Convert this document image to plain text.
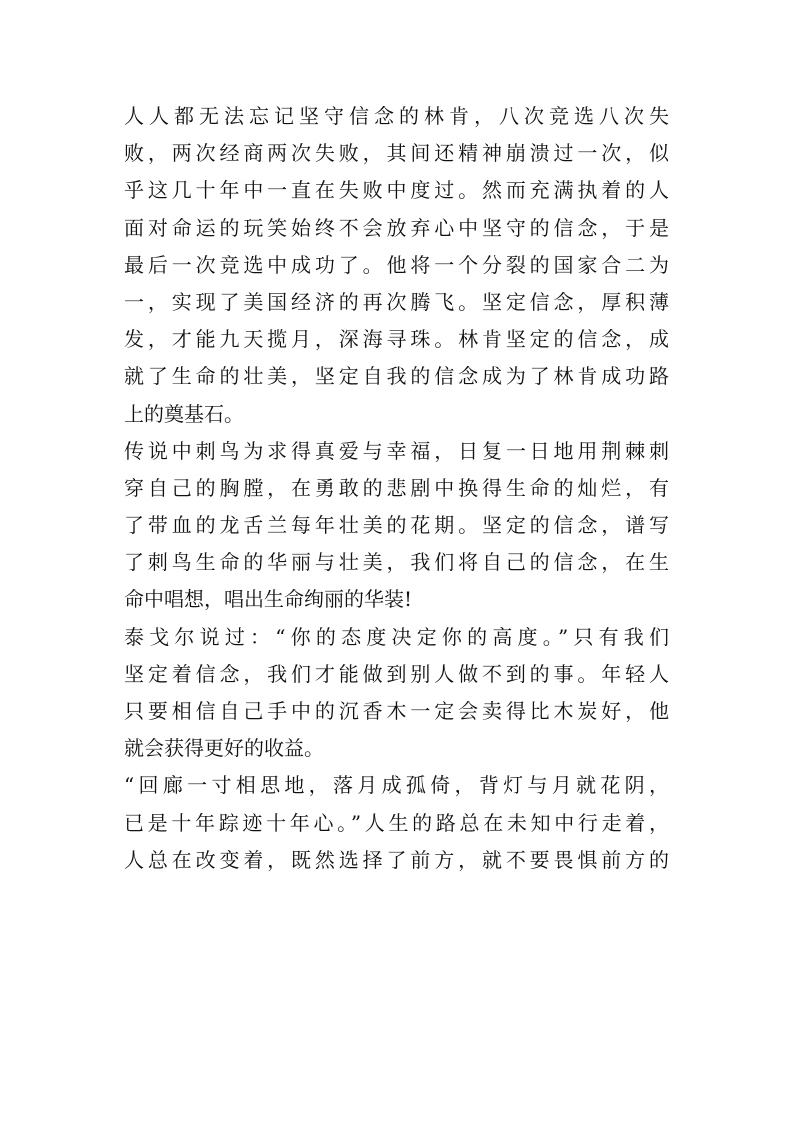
人人都无法忘记坚守信念的林肯，八次竞选八次失
败，两次经商两次失败，其间还精神崩溃过一次，似
乎这几十年中一直在失败中度过。然而充满执着的人
面对命运的玩笑始终不会放弃心中坚守的信念，于是
最后一次竞选中成功了。他将一个分裂的国家合二为
一，实现了美国经济的再次腾飞。坚定信念，厚积薄
发，才能九天揽月，深海寻珠。林肯坚定的信念，成
就了生命的壮美，坚定自我的信念成为了林肯成功路
上的奠基石。
传说中刺鸟为求得真爱与幸福，日复一日地用荆棘刺
穿自己的胸膛，在勇敢的悲剧中换得生命的灿烂，有
了带血的龙舌兰每年壮美的花期。坚定的信念，谱写
了刺鸟生命的华丽与壮美，我们将自己的信念，在生
命中唱想，唱出生命绚丽的华装!
泰戈尔说过：“你的态度决定你的高度。”只有我们
坚定着信念，我们才能做到别人做不到的事。年轻人
只要相信自己手中的沉香木一定会卖得比木炭好，他
就会获得更好的收益。
“回廊一寸相思地，落月成孤倚，背灯与月就花阴，
已是十年踪迹十年心。”人生的路总在未知中行走着，
人总在改变着，既然选择了前方，就不要畏惧前方的
